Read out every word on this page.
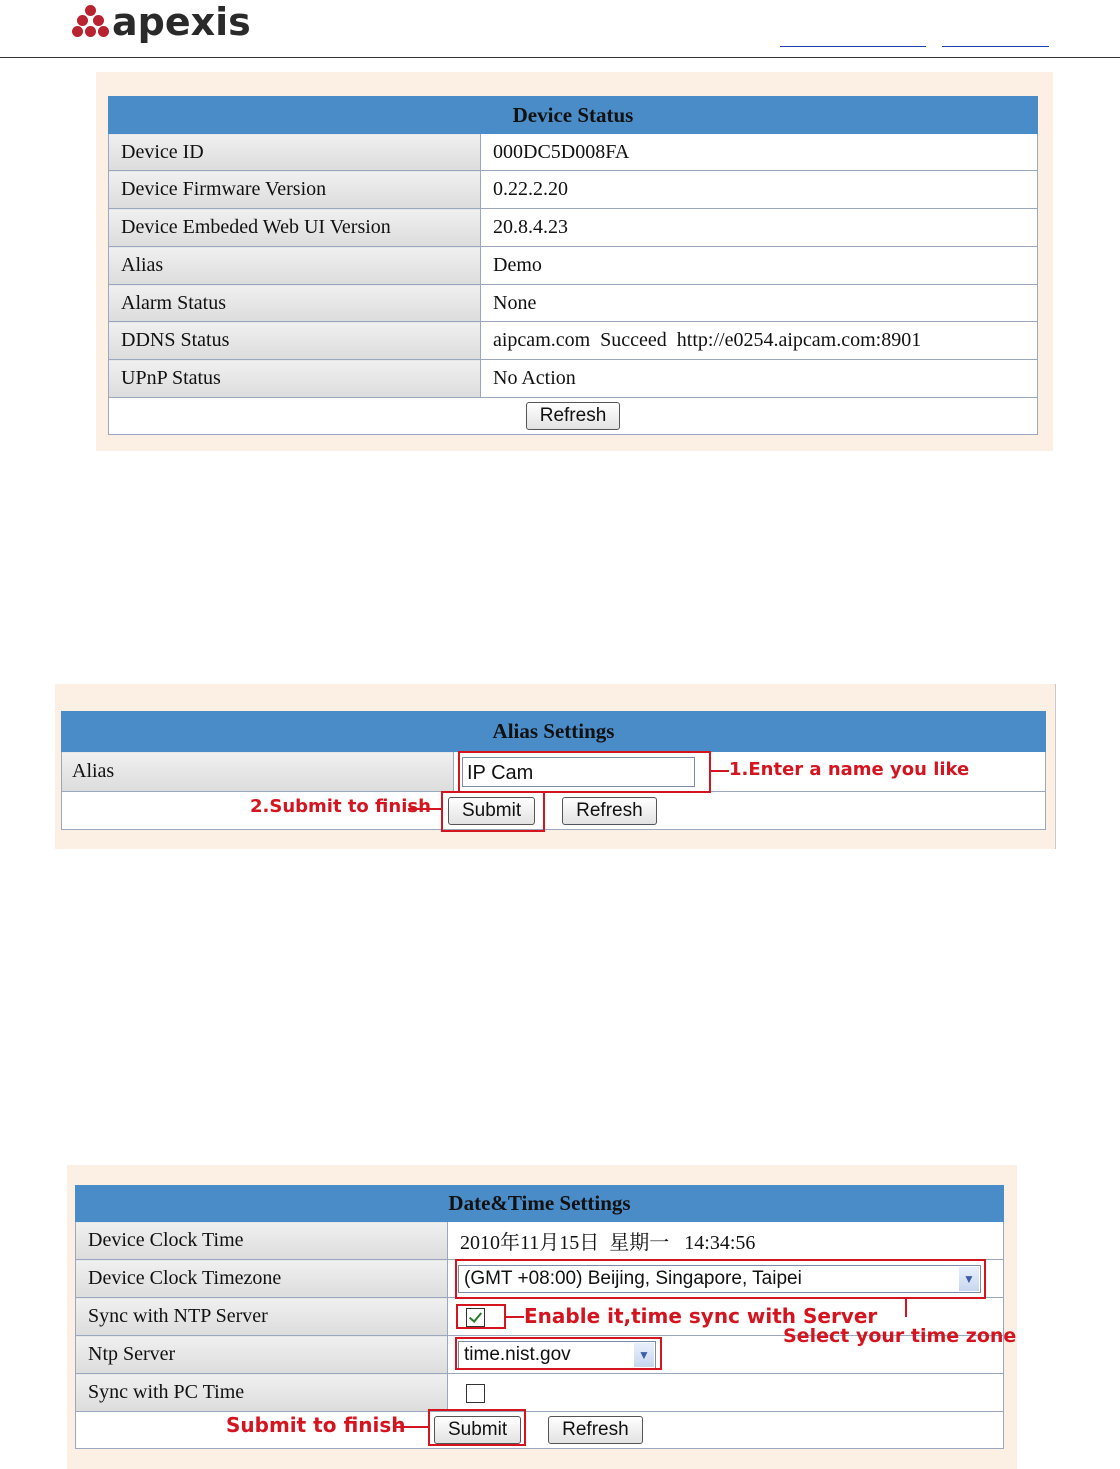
apexis
Device Status	
Device ID	000DC5D008FA
Device Firmware Version	0.22.2.20
Device Embeded Web UI Version	20.8.4.23
Alias	Demo
Alarm Status	None
DDNS Status	aipcam.com  Succeed  http://e0254.aipcam.com:8901
UPnP Status	No Action
Refresh	
Alias Settings
Alias	IP Cam
Submit	Refresh
1.Enter a name you like
2.Submit to finish
Date&Time Settings	
Device Clock Time	2010年11月15日  星期一   14:34:56
Device Clock Timezone	(GMT +08:00) Beijing, Singapore, Taipei ▼

Sync with NTP Server	
Ntp Server	time.nist.gov ▼

Sync with PC Time	
Submit Refresh	
Select your time zone
Enable it,time sync with Server
Submit to finish
